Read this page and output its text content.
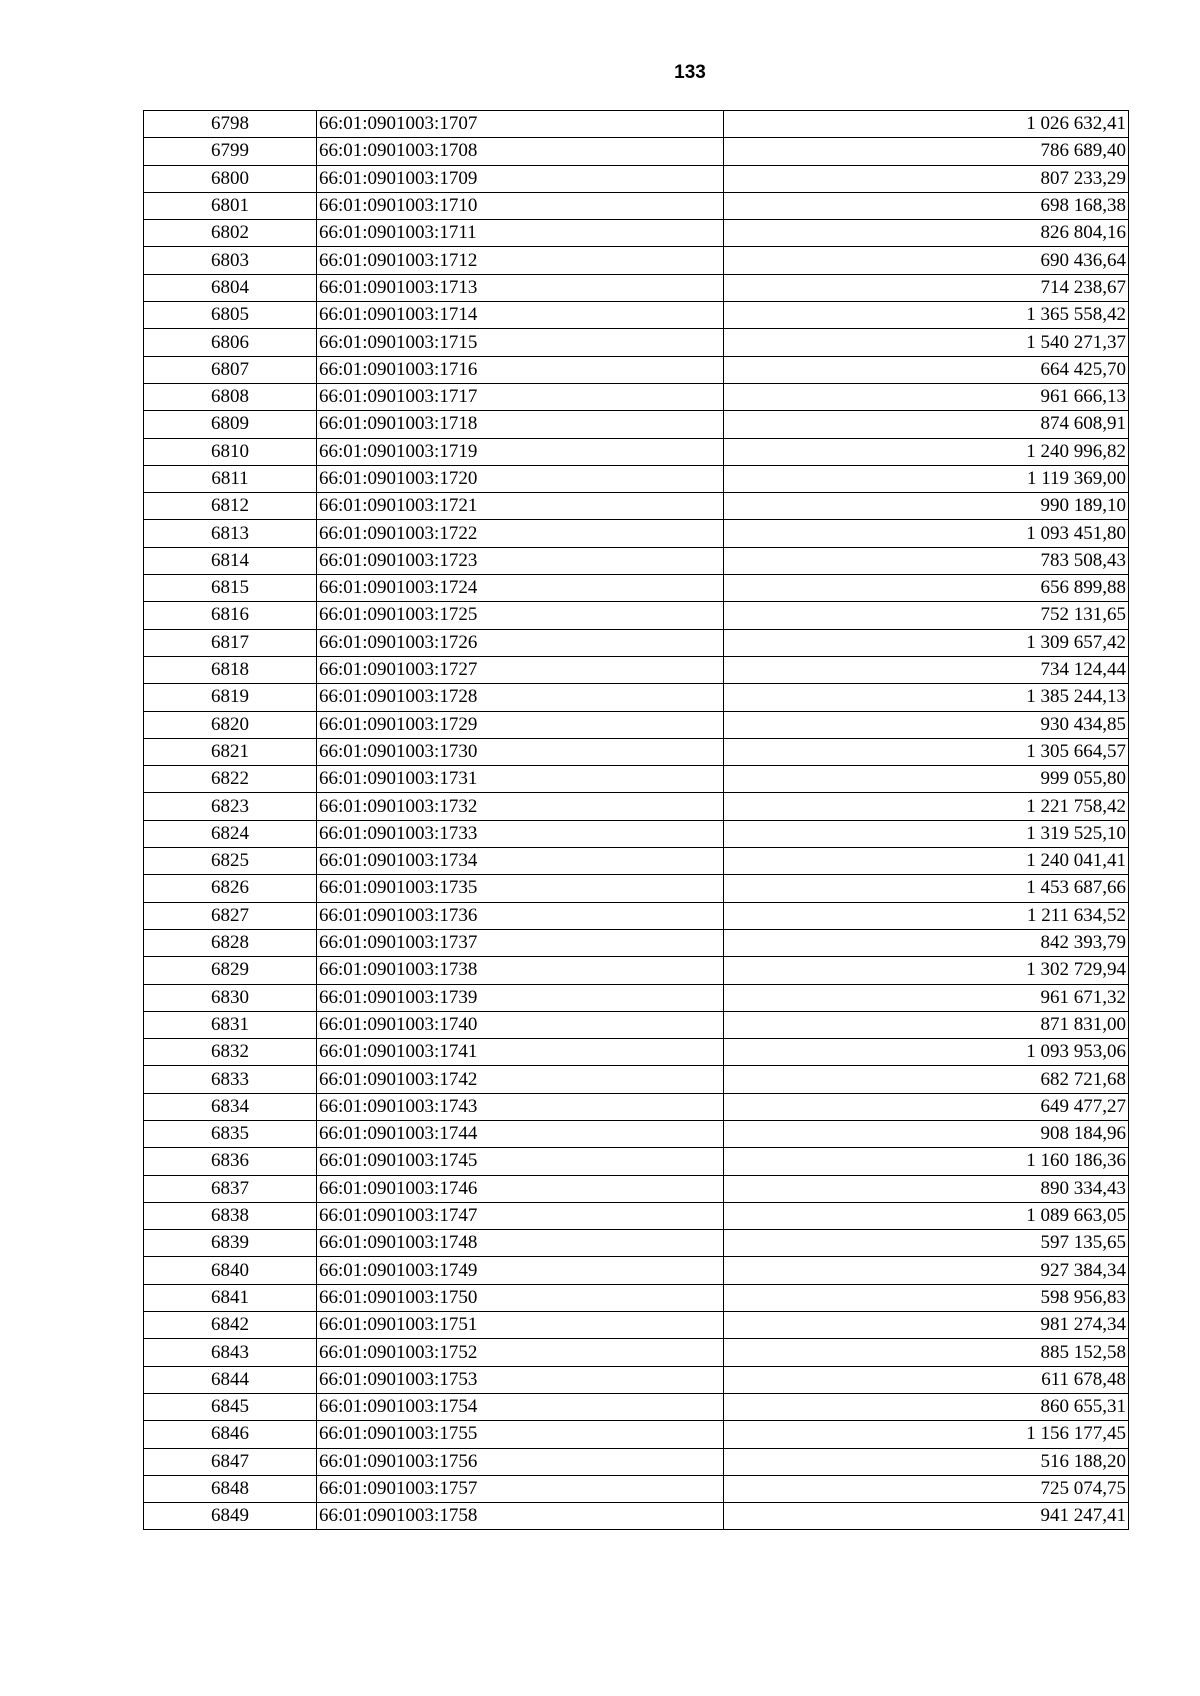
133
6798	66:01:0901003:1707	1 026 632,41
6799	66:01:0901003:1708	786 689,40
6800	66:01:0901003:1709	807 233,29
6801	66:01:0901003:1710	698 168,38
6802	66:01:0901003:1711	826 804,16
6803	66:01:0901003:1712	690 436,64
6804	66:01:0901003:1713	714 238,67
6805	66:01:0901003:1714	1 365 558,42
6806	66:01:0901003:1715	1 540 271,37
6807	66:01:0901003:1716	664 425,70
6808	66:01:0901003:1717	961 666,13
6809	66:01:0901003:1718	874 608,91
6810	66:01:0901003:1719	1 240 996,82
6811	66:01:0901003:1720	1 119 369,00
6812	66:01:0901003:1721	990 189,10
6813	66:01:0901003:1722	1 093 451,80
6814	66:01:0901003:1723	783 508,43
6815	66:01:0901003:1724	656 899,88
6816	66:01:0901003:1725	752 131,65
6817	66:01:0901003:1726	1 309 657,42
6818	66:01:0901003:1727	734 124,44
6819	66:01:0901003:1728	1 385 244,13
6820	66:01:0901003:1729	930 434,85
6821	66:01:0901003:1730	1 305 664,57
6822	66:01:0901003:1731	999 055,80
6823	66:01:0901003:1732	1 221 758,42
6824	66:01:0901003:1733	1 319 525,10
6825	66:01:0901003:1734	1 240 041,41
6826	66:01:0901003:1735	1 453 687,66
6827	66:01:0901003:1736	1 211 634,52
6828	66:01:0901003:1737	842 393,79
6829	66:01:0901003:1738	1 302 729,94
6830	66:01:0901003:1739	961 671,32
6831	66:01:0901003:1740	871 831,00
6832	66:01:0901003:1741	1 093 953,06
6833	66:01:0901003:1742	682 721,68
6834	66:01:0901003:1743	649 477,27
6835	66:01:0901003:1744	908 184,96
6836	66:01:0901003:1745	1 160 186,36
6837	66:01:0901003:1746	890 334,43
6838	66:01:0901003:1747	1 089 663,05
6839	66:01:0901003:1748	597 135,65
6840	66:01:0901003:1749	927 384,34
6841	66:01:0901003:1750	598 956,83
6842	66:01:0901003:1751	981 274,34
6843	66:01:0901003:1752	885 152,58
6844	66:01:0901003:1753	611 678,48
6845	66:01:0901003:1754	860 655,31
6846	66:01:0901003:1755	1 156 177,45
6847	66:01:0901003:1756	516 188,20
6848	66:01:0901003:1757	725 074,75
6849	66:01:0901003:1758	941 247,41
